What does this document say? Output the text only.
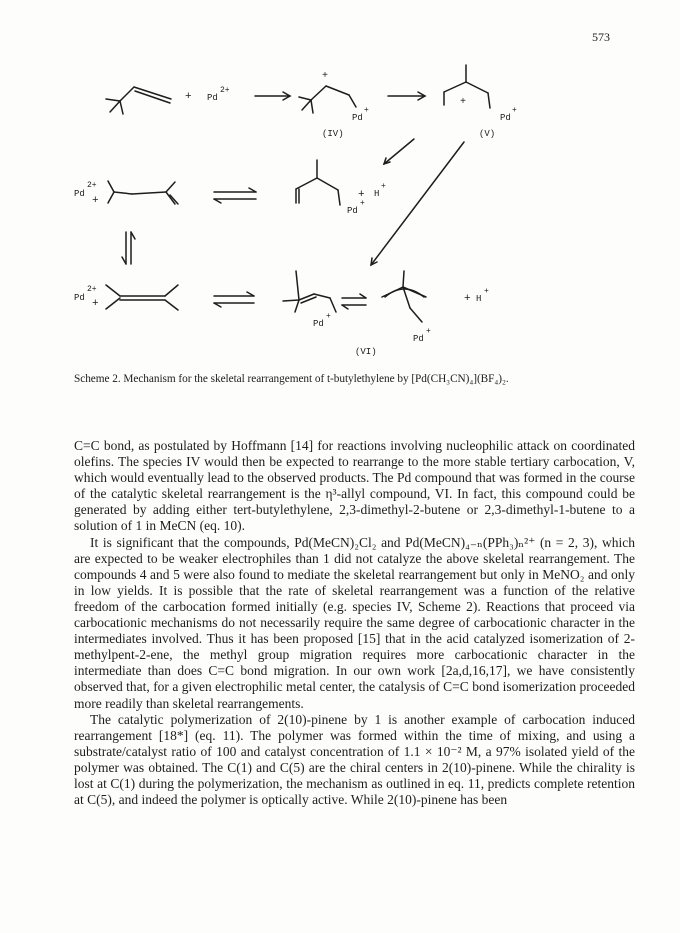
573
+ Pd
2+
+
Pd
+
(IV)
+
Pd
+
(V)
Pd
2+
+	+
Pd
+
H
+
Pd
2+
+
Pd
+
Pd
+
+ H
+
(VI)
Scheme 2. Mechanism for the skeletal rearrangement of t-butylethylene by [Pd(CH₃CN)₄](BF₄)₂.

C=C bond, as postulated by Hoffmann [14] for reactions involving nucleophilic attack on coordinated olefins. The species IV would then be expected to rearrange to the more stable tertiary carbocation, V, which would eventually lead to the observed products. The Pd compound that was formed in the course of the catalytic skeletal rearrangement is the η³-allyl compound, VI. In fact, this compound could be generated by adding either tert-butylethylene, 2,3-dimethyl-2-butene or 2,3-dimethyl-1-butene to a solution of 1 in MeCN (eq. 10).

It is significant that the compounds, Pd(MeCN)₂Cl₂ and Pd(MeCN)₄₋ₙ(PPh₃)ₙ²⁺ (n = 2, 3), which are expected to be weaker electrophiles than 1 did not catalyze the above skeletal rearrangement. The compounds 4 and 5 were also found to mediate the skeletal rearrangement but only in MeNO₂ and only in low yields. It is possible that the rate of skeletal rearrangement was a function of the relative freedom of the carbocation formed initially (e.g. species IV, Scheme 2). Reactions that proceed via carbocationic mechanisms do not necessarily require the same degree of carbocationic character in the intermediates involved. Thus it has been proposed [15] that in the acid catalyzed isomerization of 2-methylpent-2-ene, the methyl group migration requires more carbocationic character in the intermediate than does C=C bond migration. In our own work [2a,d,16,17], we have consistently observed that, for a given electrophilic metal center, the catalysis of C=C bond isomerization proceeded more readily than skeletal rearrangements.

The catalytic polymerization of 2(10)-pinene by 1 is another example of carbocation induced rearrangement [18*] (eq. 11). The polymer was formed within the time of mixing, and using a substrate/catalyst ratio of 100 and catalyst concentration of 1.1 × 10⁻² M, a 97% isolated yield of the polymer was obtained. The C(1) and C(5) are the chiral centers in 2(10)-pinene. While the chirality is lost at C(1) during the polymerization, the mechanism as outlined in eq. 11, predicts complete retention at C(5), and indeed the polymer is optically active. While 2(10)-pinene has been
